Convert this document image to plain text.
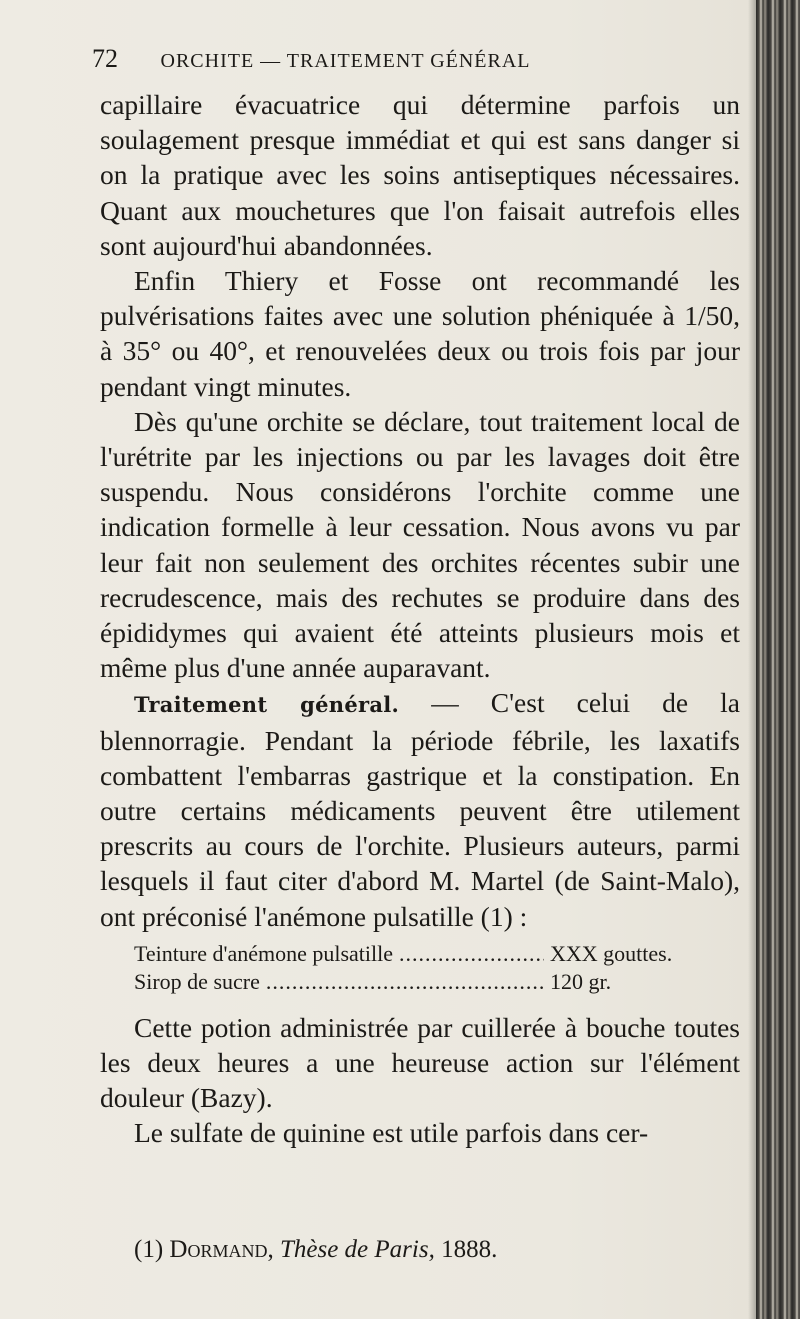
72 ORCHITE — TRAITEMENT GÉNÉRAL

capillaire évacuatrice qui détermine parfois un soulagement presque immédiat et qui est sans danger si on la pratique avec les soins antiseptiques nécessaires. Quant aux mouchetures que l'on faisait autrefois elles sont aujourd'hui abandonnées.

Enfin Thiery et Fosse ont recommandé les pulvérisations faites avec une solution phéniquée à 1/50, à 35° ou 40°, et renouvelées deux ou trois fois par jour pendant vingt minutes.

Dès qu'une orchite se déclare, tout traitement local de l'urétrite par les injections ou par les lavages doit être suspendu. Nous considérons l'orchite comme une indication formelle à leur cessation. Nous avons vu par leur fait non seulement des orchites récentes subir une recrudescence, mais des rechutes se produire dans des épididymes qui avaient été atteints plusieurs mois et même plus d'une année auparavant.

Traitement général. — C'est celui de la blennorragie. Pendant la période fébrile, les laxatifs combattent l'embarras gastrique et la constipation. En outre certains médicaments peuvent être utilement prescrits au cours de l'orchite. Plusieurs auteurs, parmi lesquels il faut citer d'abord M. Martel (de Saint-Malo), ont préconisé l'anémone pulsatille (1) :

Teinture d'anémone pulsatille .....	XXX gouttes.
Sirop de sucre .....	120 gr.

Cette potion administrée par cuillerée à bouche toutes les deux heures a une heureuse action sur l'élément douleur (Bazy).

Le sulfate de quinine est utile parfois dans cer-

(1) Dormand, Thèse de Paris, 1888.
